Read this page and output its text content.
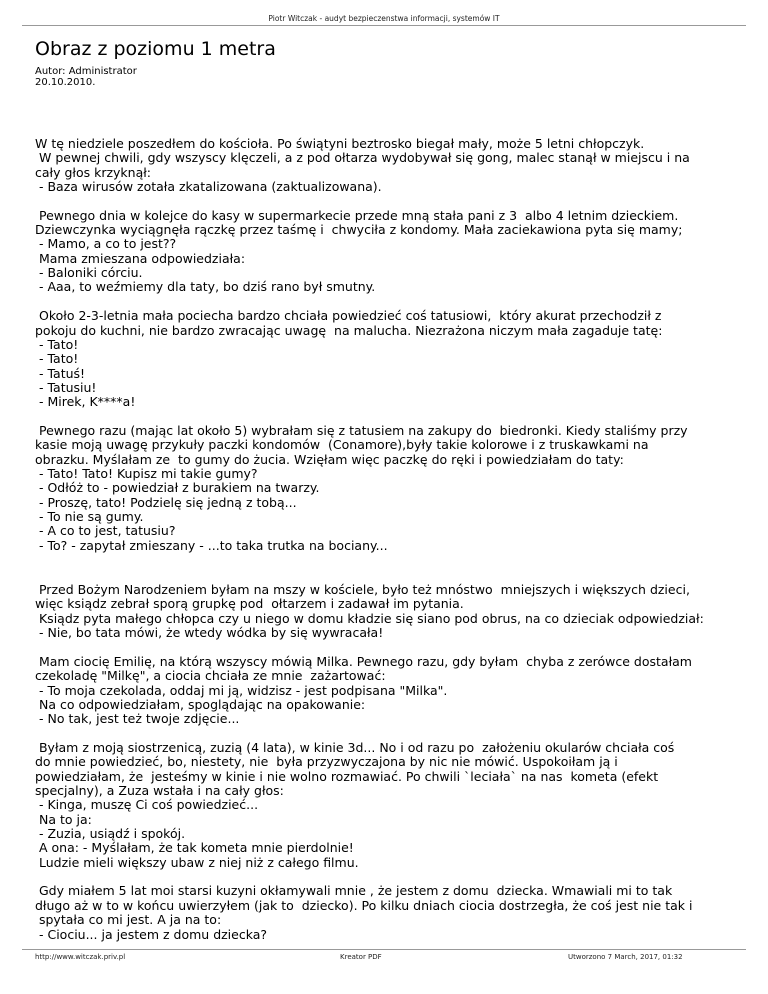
Piotr Witczak - audyt bezpieczenstwa informacji, systemów IT
Obraz z poziomu 1 metra
Autor: Administrator
20.10.2010.
W tę niedziele poszedłem do kościoła. Po świątyni beztrosko biegał mały, może 5 letni chłopczyk.
W pewnej chwili, gdy wszyscy klęczeli, a z pod ołtarza wydobywał się gong, malec stanął w miejscu i na
cały głos krzyknął:
- Baza wirusów zotała zkatalizowana (zaktualizowana).
Pewnego dnia w kolejce do kasy w supermarkecie przede mną stała pani z 3  albo 4 letnim dzieckiem.
Dziewczynka wyciągnęła rączkę przez taśmę i  chwyciła z kondomy. Mała zaciekawiona pyta się mamy;
- Mamo, a co to jest??
Mama zmieszana odpowiedziała:
- Baloniki córciu.
- Aaa, to weźmiemy dla taty, bo dziś rano był smutny.
Około 2-3-letnia mała pociecha bardzo chciała powiedzieć coś tatusiowi,  który akurat przechodził z
pokoju do kuchni, nie bardzo zwracając uwagę  na malucha. Niezrażona niczym mała zagaduje tatę:
- Tato!
- Tato!
- Tatuś!
- Tatusiu!
- Mirek, K****a!
Pewnego razu (mając lat około 5) wybrałam się z tatusiem na zakupy do  biedronki. Kiedy staliśmy przy
kasie moją uwagę przykuły paczki kondomów  (Conamore),były takie kolorowe i z truskawkami na
obrazku. Myślałam ze  to gumy do żucia. Wzięłam więc paczkę do ręki i powiedziałam do taty:
- Tato! Tato! Kupisz mi takie gumy?
- Odłóż to - powiedział z burakiem na twarzy.
- Proszę, tato! Podzielę się jedną z tobą...
- To nie są gumy.
- A co to jest, tatusiu?
- To? - zapytał zmieszany - ...to taka trutka na bociany...
Przed Bożym Narodzeniem byłam na mszy w kościele, było też mnóstwo  mniejszych i większych dzieci,
więc ksiądz zebrał sporą grupkę pod  ołtarzem i zadawał im pytania.
Ksiądz pyta małego chłopca czy u niego w domu kładzie się siano pod obrus, na co dzieciak odpowiedział:
- Nie, bo tata mówi, że wtedy wódka by się wywracała!
Mam ciocię Emilię, na którą wszyscy mówią Milka. Pewnego razu, gdy byłam  chyba z zerówce dostałam
czekoladę "Milkę", a ciocia chciała ze mnie  zażartować:
- To moja czekolada, oddaj mi ją, widzisz - jest podpisana "Milka".
Na co odpowiedziałam, spoglądając na opakowanie:
- No tak, jest też twoje zdjęcie...
Byłam z moją siostrzenicą, zuzią (4 lata), w kinie 3d... No i od razu po  założeniu okularów chciała coś
do mnie powiedzieć, bo, niestety, nie  była przyzwyczajona by nic nie mówić. Uspokoiłam ją i
powiedziałam, że  jesteśmy w kinie i nie wolno rozmawiać. Po chwili `leciała` na nas  kometa (efekt
specjalny), a Zuza wstała i na cały głos:
- Kinga, muszę Ci coś powiedzieć...
Na to ja:
- Zuzia, usiądź i spokój.
A ona: - Myślałam, że tak kometa mnie pierdolnie!
Ludzie mieli większy ubaw z niej niż z całego filmu.
Gdy miałem 5 lat moi starsi kuzyni okłamywali mnie , że jestem z domu  dziecka. Wmawiali mi to tak
długo aż w to w końcu uwierzyłem (jak to  dziecko). Po kilku dniach ciocia dostrzegła, że coś jest nie tak i
spytała co mi jest. A ja na to:
- Ciociu... ja jestem z domu dziecka?
http://www.witczak.priv.pl	Kreator PDF	Utworzono 7 March, 2017, 01:32
